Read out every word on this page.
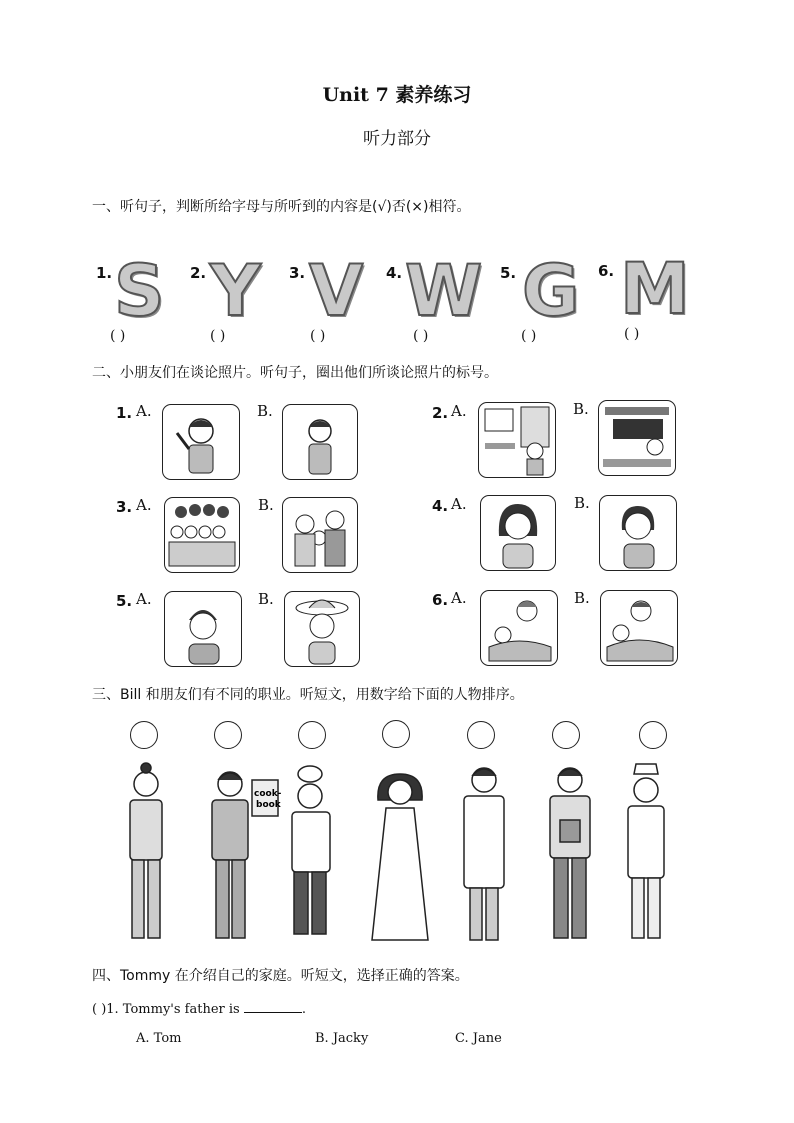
Unit 7 素养练习
听力部分
一、听句子，判断所给字母与所听到的内容是(√)否(×)相符。
1. S
( )
2. Y
( )
3. V
( )
4. W
( )
5. G
( )
6. M
( )
二、小朋友们在谈论照片。听句子，圈出他们所谈论照片的标号。
1. A.	B.	2. A.	B.
3. A.	B.	4. A.	B.
5. A.	B.	6. A.	B.
三、Bill 和朋友们有不同的职业。听短文，用数字给下面的人物排序。
cook-
book
四、Tommy 在介绍自己的家庭。听短文，选择正确的答案。
( )1. Tommy's father is	.
A. Tom	B. Jacky	C. Jane
